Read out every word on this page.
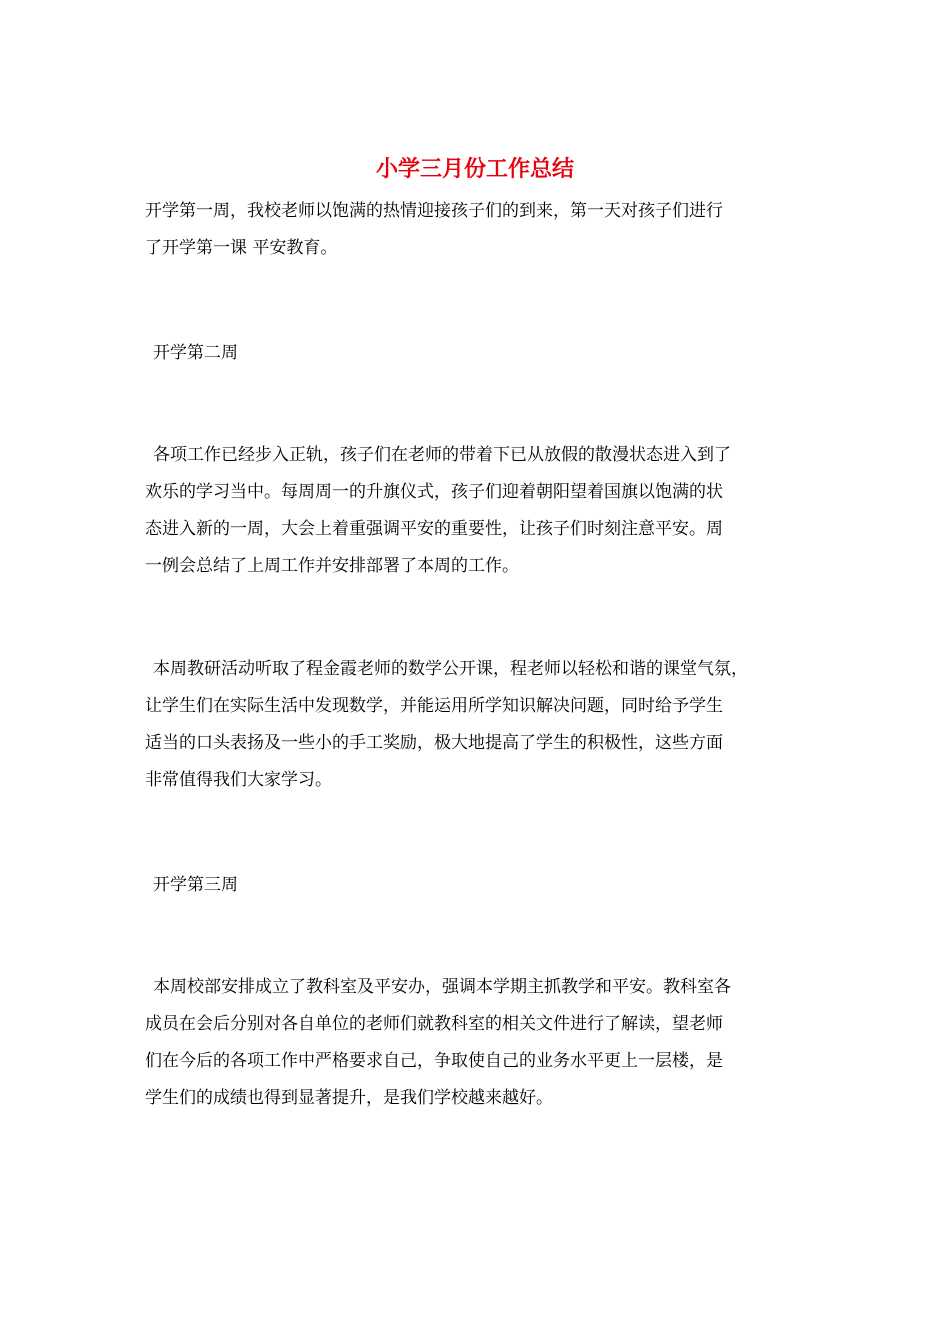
小学三月份工作总结

开学第一周，我校老师以饱满的热情迎接孩子们的到来，第一天对孩子们进行

了开学第一课 平安教育。

开学第二周

各项工作已经步入正轨，孩子们在老师的带着下已从放假的散漫状态进入到了

欢乐的学习当中。每周周一的升旗仪式，孩子们迎着朝阳望着国旗以饱满的状

态进入新的一周，大会上着重强调平安的重要性，让孩子们时刻注意平安。周

一例会总结了上周工作并安排部署了本周的工作。

本周教研活动听取了程金霞老师的数学公开课，程老师以轻松和谐的课堂气氛，

让学生们在实际生活中发现数学，并能运用所学知识解决问题，同时给予学生

适当的口头表扬及一些小的手工奖励，极大地提高了学生的积极性，这些方面

非常值得我们大家学习。

开学第三周

本周校部安排成立了教科室及平安办，强调本学期主抓教学和平安。教科室各

成员在会后分别对各自单位的老师们就教科室的相关文件进行了解读，望老师

们在今后的各项工作中严格要求自己，争取使自己的业务水平更上一层楼，是

学生们的成绩也得到显著提升，是我们学校越来越好。
